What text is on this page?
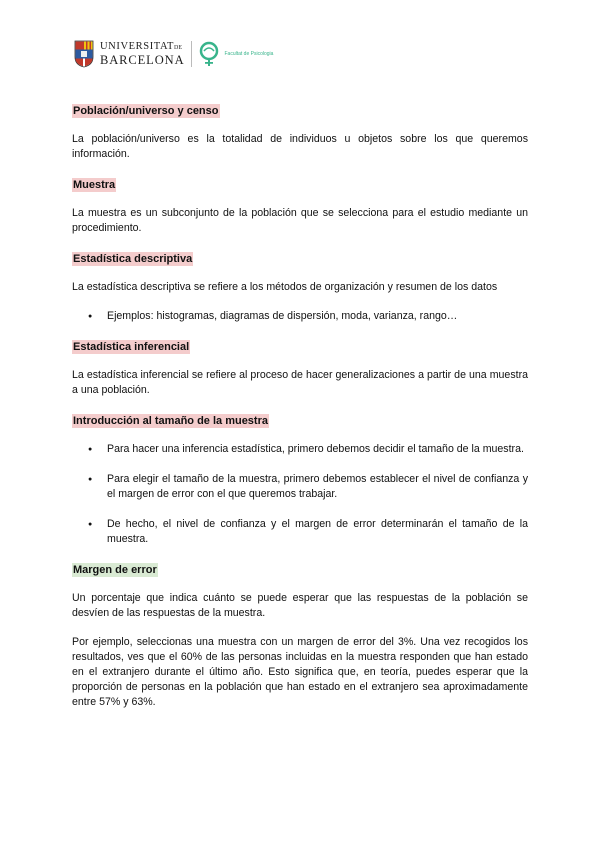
UNIVERSITATDE
BARCELONA	Facultat de Psicologia
Población/universo y censo

La población/universo es la totalidad de individuos u objetos sobre los que queremos información.

Muestra

La muestra es un subconjunto de la población que se selecciona para el estudio mediante un procedimiento.

Estadística descriptiva

La estadística descriptiva se refiere a los métodos de organización y resumen de los datos

● Ejemplos: histogramas, diagramas de dispersión, moda, varianza, rango…
Estadística inferencial

La estadística inferencial se refiere al proceso de hacer generalizaciones a partir de una muestra a una población.

Introducción al tamaño de la muestra
● Para hacer una inferencia estadística, primero debemos decidir el tamaño de la muestra.
● Para elegir el tamaño de la muestra, primero debemos establecer el nivel de confianza y el margen de error con el que queremos trabajar.
● De hecho, el nivel de confianza y el margen de error determinarán el tamaño de la muestra.
Margen de error

Un porcentaje que indica cuánto se puede esperar que las respuestas de la población se desvíen de las respuestas de la muestra.

Por ejemplo, seleccionas una muestra con un margen de error del 3%. Una vez recogidos los resultados, ves que el 60% de las personas incluidas en la muestra responden que han estado en el extranjero durante el último año. Esto significa que, en teoría, puedes esperar que la proporción de personas en la población que han estado en el extranjero sea aproximadamente entre 57% y 63%.
